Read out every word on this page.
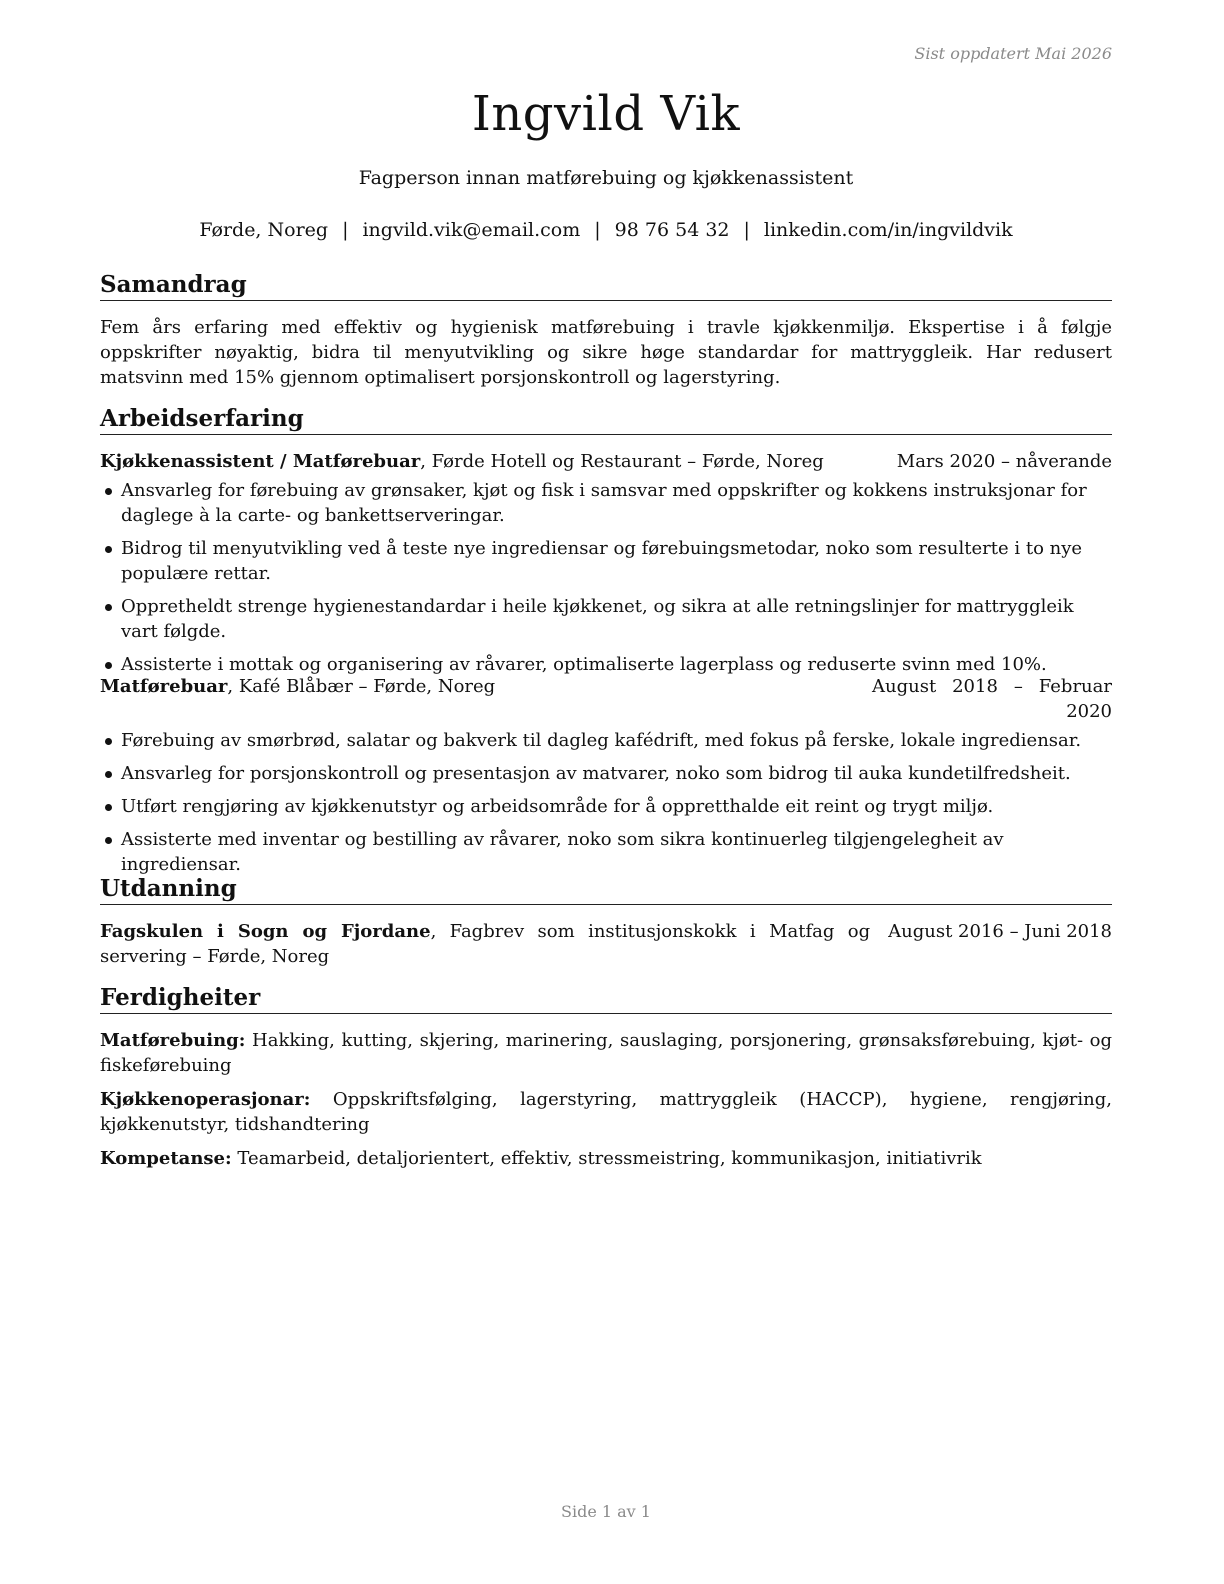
Sist oppdatert Mai 2026
Ingvild Vik
Fagperson innan matførebuing og kjøkkenassistent
Førde, Noreg | ingvild.vik@email.com | 98 76 54 32 | linkedin.com/in/ingvildvik
Samandrag

Fem års erfaring med effektiv og hygienisk matførebuing i travle kjøkkenmiljø. Ekspertise i å følgje oppskrifter nøyaktig, bidra til menyutvikling og sikre høge standardar for mattryggleik. Har redusert matsvinn med 15% gjennom optimalisert porsjonskontroll og lagerstyring.

Arbeidserfaring
Kjøkkenassistent / Matførebuar, Førde Hotell og Restaurant – Førde, Noreg	Mars 2020 – nåverande
Ansvarleg for førebuing av grønsaker, kjøt og fisk i samsvar med oppskrifter og kokkens instruksjonar for daglege à la carte- og bankettserveringar.
Bidrog til menyutvikling ved å teste nye ingrediensar og førebuingsmetodar, noko som resulterte i to nye populære rettar.
Oppretheldt strenge hygienestandardar i heile kjøkkenet, og sikra at alle retningslinjer for mattryggleik vart følgde.
Assisterte i mottak og organisering av råvarer, optimaliserte lagerplass og reduserte svinn med 10%.
Matførebuar, Kafé Blåbær – Førde, Noreg	August 2018 – Februar 2020
Førebuing av smørbrød, salatar og bakverk til dagleg kafédrift, med fokus på ferske, lokale ingrediensar.
Ansvarleg for porsjonskontroll og presentasjon av matvarer, noko som bidrog til auka kundetilfredsheit.
Utført rengjøring av kjøkkenutstyr og arbeidsområde for å oppretthalde eit reint og trygt miljø.
Assisterte med inventar og bestilling av råvarer, noko som sikra kontinuerleg tilgjengelegheit av ingrediensar.
Utdanning
Fagskulen i Sogn og Fjordane, Fagbrev som institusjonskokk i Matfag og servering – Førde, Noreg
August 2016 – Juni 2018
Ferdigheiter
Matførebuing: Hakking, kutting, skjering, marinering, sauslaging, porsjonering, grønsaksførebuing, kjøt- og fiskeførebuing
Kjøkkenoperasjonar: Oppskriftsfølging, lagerstyring, mattryggleik (HACCP), hygiene, rengjøring, kjøkkenutstyr, tidshandtering
Kompetanse: Teamarbeid, detaljorientert, effektiv, stressmeistring, kommunikasjon, initiativrik
Side 1 av 1
